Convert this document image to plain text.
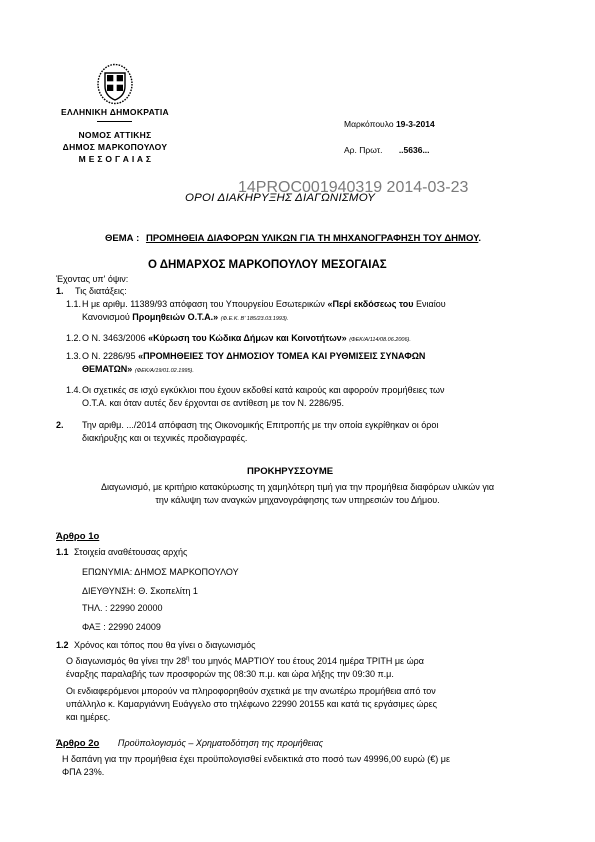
ΕΛΛΗΝΙΚΗ ΔΗΜΟΚΡΑΤΙΑ
ΝΟΜΟΣ ΑΤΤΙΚΗΣ
ΔΗΜΟΣ ΜΑΡΚΟΠΟΥΛΟΥ
Μ Ε Σ Ο Γ Α Ι Α Σ
Μαρκόπουλο 19-3-2014
Αρ. Πρωτ. ..5636...
14PROC001940319 2014-03-23
ΟΡΟΙ ΔΙΑΚΗΡΥΞΗΣ ΔΙΑΓΩΝΙΣΜΟΥ
ΘΕΜΑ : ΠΡΟΜΗΘΕΙΑ ΔΙΑΦΟΡΩΝ ΥΛΙΚΩΝ ΓΙΑ ΤΗ ΜΗΧΑΝΟΓΡΑΦΗΣΗ ΤΟΥ ΔΗΜΟΥ.
Ο ΔΗΜΑΡΧΟΣ ΜΑΡΚΟΠΟΥΛΟΥ ΜΕΣΟΓΑΙΑΣ
Έχοντας υπ' όψιν:
1. Τις διατάξεις:
1.1. Η με αριθμ. 11389/93 απόφαση του Υπουργείου Εσωτερικών «Περί εκδόσεως του Ενιαίου
Κανονισμού Προμηθειών Ο.Τ.Α.» (Φ.Ε.Κ. Β' 185/23.03.1993).
1.2. Ο Ν. 3463/2006 «Κύρωση του Κώδικα Δήμων και Κοινοτήτων» (ΦΕΚ/Α/114/08.06.2006).
1.3. Ο Ν. 2286/95 «ΠΡΟΜΗΘΕΙΕΣ ΤΟΥ ΔΗΜΟΣΙΟΥ ΤΟΜΕΑ ΚΑΙ ΡΥΘΜΙΣΕΙΣ ΣΥΝΑΦΩΝ
ΘΕΜΑΤΩΝ» (ΦΕΚ/Α/19/01.02.1995).
1.4. Οι σχετικές σε ισχύ εγκύκλιοι που έχουν εκδοθεί κατά καιρούς και αφορούν προμήθειες των
Ο.Τ.Α. και όταν αυτές δεν έρχονται σε αντίθεση με τον Ν. 2286/95.
2. Την αριθμ. .../2014 απόφαση της Οικονομικής Επιτροπής με την οποία εγκρίθηκαν οι όροι
διακήρυξης και οι τεχνικές προδιαγραφές.
ΠΡΟΚΗΡΥΣΣΟΥΜΕ
Διαγωνισμό, με κριτήριο κατακύρωσης τη χαμηλότερη τιμή για την προμήθεια διαφόρων υλικών για
την κάλυψη των αναγκών μηχανογράφησης των υπηρεσιών του Δήμου.
Άρθρο 1ο
1.1 Στοιχεία αναθέτουσας αρχής
ΕΠΩΝΥΜΙΑ: ΔΗΜΟΣ ΜΑΡΚΟΠΟΥΛΟΥ
ΔΙΕΥΘΥΝΣΗ: Θ. Σκοπελίτη 1
ΤΗΛ. : 22990 20000
ΦΑΞ : 22990 24009
1.2 Χρόνος και τόπος που θα γίνει ο διαγωνισμός
Ο διαγωνισμός θα γίνει την $28^\eta$ του μηνός ΜΑΡΤΙΟΥ του έτους 2014 ημέρα ΤΡΙΤΗ με ώρα
έναρξης παραλαβής των προσφορών της 08:30 π.μ. και ώρα λήξης την 09:30 π.μ.
Οι ενδιαφερόμενοι μπορούν να πληροφορηθούν σχετικά με την ανωτέρω προμήθεια από τον
υπάλληλο κ. Καμαργιάννη Ευάγγελο στο τηλέφωνο 22990 20155 και κατά τις εργάσιμες ώρες
και ημέρες.
Άρθρο 2ο Προϋπολογισμός – Χρηματοδότηση της προμήθειας
Η δαπάνη για την προμήθεια έχει προϋπολογισθεί ενδεικτικά στο ποσό των 49996,00 ευρώ (€) με
ΦΠΑ 23%.
